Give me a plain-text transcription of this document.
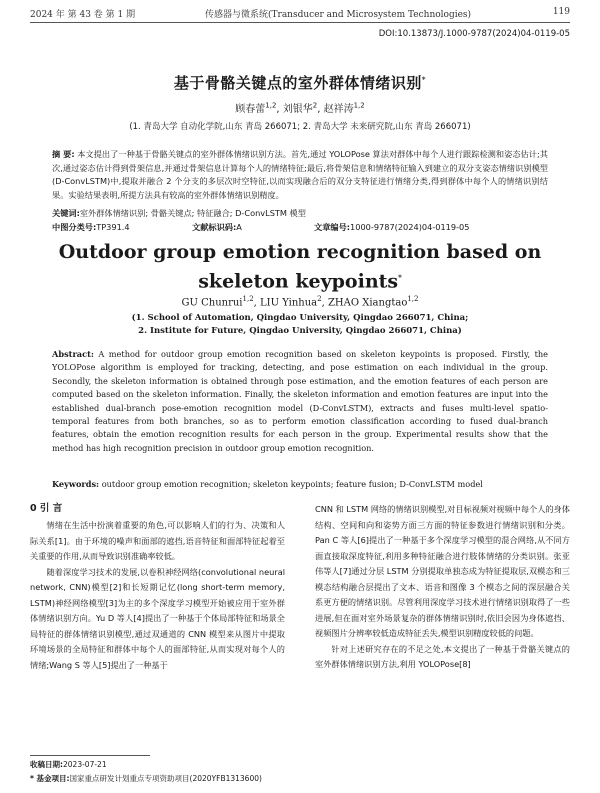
2024 年 第 43 卷 第 1 期	传感器与微系统(Transducer and Microsystem Technologies)	119
DOI:10.13873/J.1000-9787(2024)04-0119-05
基于骨骼关键点的室外群体情绪识别*
顾春蕾$^{1,2}$, 刘银华$^2$, 赵祥涛$^{1,2}$
(1. 青岛大学 自动化学院,山东 青岛 266071; 2. 青岛大学 未来研究院,山东 青岛 266071)
摘 要: 本文提出了一种基于骨骼关键点的室外群体情绪识别方法。首先,通过 YOLOPose 算法对群体中每个人进行跟踪检测和姿态估计;其次,通过姿态估计得到骨架信息,并通过骨架信息计算每个人的情绪特征;最后,将骨架信息和情绪特征输入到建立的双分支姿态情绪识别模型(D-ConvLSTM)中,提取并融合 2 个分支的多层次时空特征,以而实现融合后的双分支特征进行情绪分类,得到群体中每个人的情绪识别结果。实验结果表明,所提方法具有较高的室外群体情绪识别精度。
关键词:室外群体情绪识别; 骨骼关键点; 特征融合; D-ConvLSTM 模型
中图分类号:TP391.4	文献标识码:A	文章编号:1000-9787(2024)04-0119-05
Outdoor group emotion recognition based on
skeleton keypoints*
GU Chunrui$^{1,2}$, LIU Yinhua$^2$, ZHAO Xiangtao$^{1,2}$
(1. School of Automation, Qingdao University, Qingdao 266071, China;
2. Institute for Future, Qingdao University, Qingdao 266071, China)
Abstract: A method for outdoor group emotion recognition based on skeleton keypoints is proposed. Firstly, the YOLOPose algorithm is employed for tracking, detecting, and pose estimation on each individual in the group. Secondly, the skeleton information is obtained through pose estimation, and the emotion features of each person are computed based on the skeleton information. Finally, the skeleton information and emotion features are input into the established dual-branch pose-emotion recognition model (D-ConvLSTM), extracts and fuses multi-level spatio-temporal features from both branches, so as to perform emotion classification according to fused dual-branch features, obtain the emotion recognition results for each person in the group. Experimental results show that the method has high recognition precision in outdoor group emotion recognition.
Keywords: outdoor group emotion recognition; skeleton keypoints; feature fusion; D-ConvLSTM model
0 引 言

情绪在生活中扮演着重要的角色,可以影响人们的行为、决策和人际关系[1]。由于环境的噪声和面部的遮挡,语音特征和面部特征起着至关重要的作用,从而导致识别准确率较低。

随着深度学习技术的发展,以卷积神经网络(convolutional neural network, CNN)模型[2]和长短期记忆(long short-term memory, LSTM)神经网络模型[3]为主的多个深度学习模型开始被应用于室外群体情绪识别方向。Yu D 等人[4]提出了一种基于个体局部特征和场景全局特征的群体情绪识别模型,通过双通道的 CNN 模型来从图片中提取环境场景的全局特征和群体中每个人的面部特征,从而实现对每个人的情绪;Wang S 等人[5]提出了一种基于

CNN 和 LSTM 网络的情绪识别模型,对目标视频对视频中每个人的身体结构、空间和向和姿势方面三方面的特征参数进行情绪识别和分类。Pan C 等人[6]提出了一种基于多个深度学习模型的混合网络,从不同方面直接取深度特征,利用多种特征融合进行肢体情绪的分类识别。张亚伟等人[7]通过分层 LSTM 分别提取单独态成为特征提取层,双模态和三模态结构融合层提出了文本、语音和图像 3 个模态之间的深层融合关系更方便的情绪识别。尽管利用深度学习技术进行情绪识别取得了一些进展,但在面对室外场景复杂的群体情绪识别时,依旧会因为身体遮挡、视频图片分辨率较低造成特征丢失,模型识别精度较低的问题。

针对上述研究存在的不足之处,本文提出了一种基于骨骼关键点的室外群体情绪识别方法,利用 YOLOPose[8]

收稿日期:2023-07-21
* 基金项目:国家重点研发计划重点专项资助项目(2020YFB1313600)
